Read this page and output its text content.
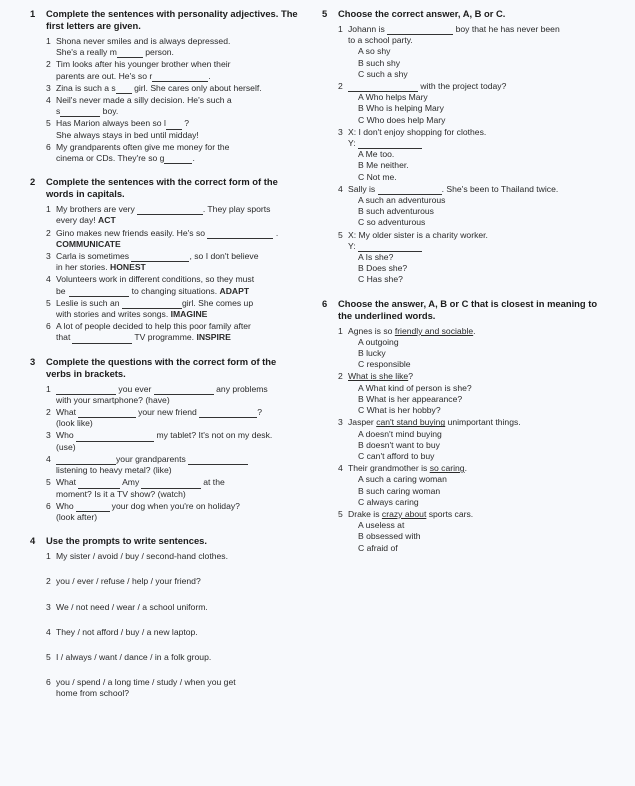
1	Complete the sentences with personality adjectives. The first letters are given.
1 Shona never smiles and is always depressed.
She's a really m	person.
2 Tim looks after his younger brother when their
parents are out. He's so r	.
3 Zina is such a s girl. She cares only about herself.
4 Neil's never made a silly decision. He's such a
s	boy.
5 Has Marion always been so l ?
She always stays in bed until midday!
6 My grandparents often give me money for the
cinema or CDs. They're so g	.
2	Complete the sentences with the correct form of the words in capitals.
1 My brothers are very	. They play sports
every day! ACT
2 Gino makes new friends easily. He's so	.
COMMUNICATE
3 Carla is sometimes	, so I don't believe
in her stories. HONEST
4 Volunteers work in different conditions, so they must
be	to changing situations. ADAPT
5 Leslie is such an	girl. She comes up
with stories and writes songs. IMAGINE
6 A lot of people decided to help this poor family after
that	TV programme. INSPIRE
3	Complete the questions with the correct form of the verbs in brackets.
1	you ever	any problems
with your smartphone? (have)
2 What	your new friend	?
(look like)
3 Who	my tablet? It's not on my desk.
(use)
4	your grandparents
listening to heavy metal? (like)
5 What	Amy	at the
moment? Is it a TV show? (watch)
6 Who	your dog when you're on holiday?
(look after)
4	Use the prompts to write sentences.
1 My sister / avoid / buy / second-hand clothes.
2 you / ever / refuse / help / your friend?
3 We / not need / wear / a school uniform.
4 They / not afford / buy / a new laptop.
5 I / always / want / dance / in a folk group.
6 you / spend / a long time / study / when you get
home from school?
5	Choose the correct answer, A, B or C.
1 Johann is	boy that he has never been
to a school party.
A so shy
B such shy
C such a shy
2	with the project today?
A Who helps Mary
B Who is helping Mary
C Who does help Mary
3 X: I don't enjoy shopping for clothes.
Y:
A Me too.
B Me neither.
C Not me.
4 Sally is	. She's been to Thailand twice.
A such an adventurous
B such adventurous
C so adventurous
5 X: My older sister is a charity worker.
Y:
A Is she?
B Does she?
C Has she?
6	Choose the answer, A, B or C that is closest in meaning to the underlined words.
1 Agnes is so friendly and sociable.
A outgoing
B lucky
C responsible
2 What is she like?
A What kind of person is she?
B What is her appearance?
C What is her hobby?
3 Jasper can't stand buying unimportant things.
A doesn't mind buying
B doesn't want to buy
C can't afford to buy
4 Their grandmother is so caring.
A such a caring woman
B such caring woman
C always caring
5 Drake is crazy about sports cars.
A useless at
B obsessed with
C afraid of
